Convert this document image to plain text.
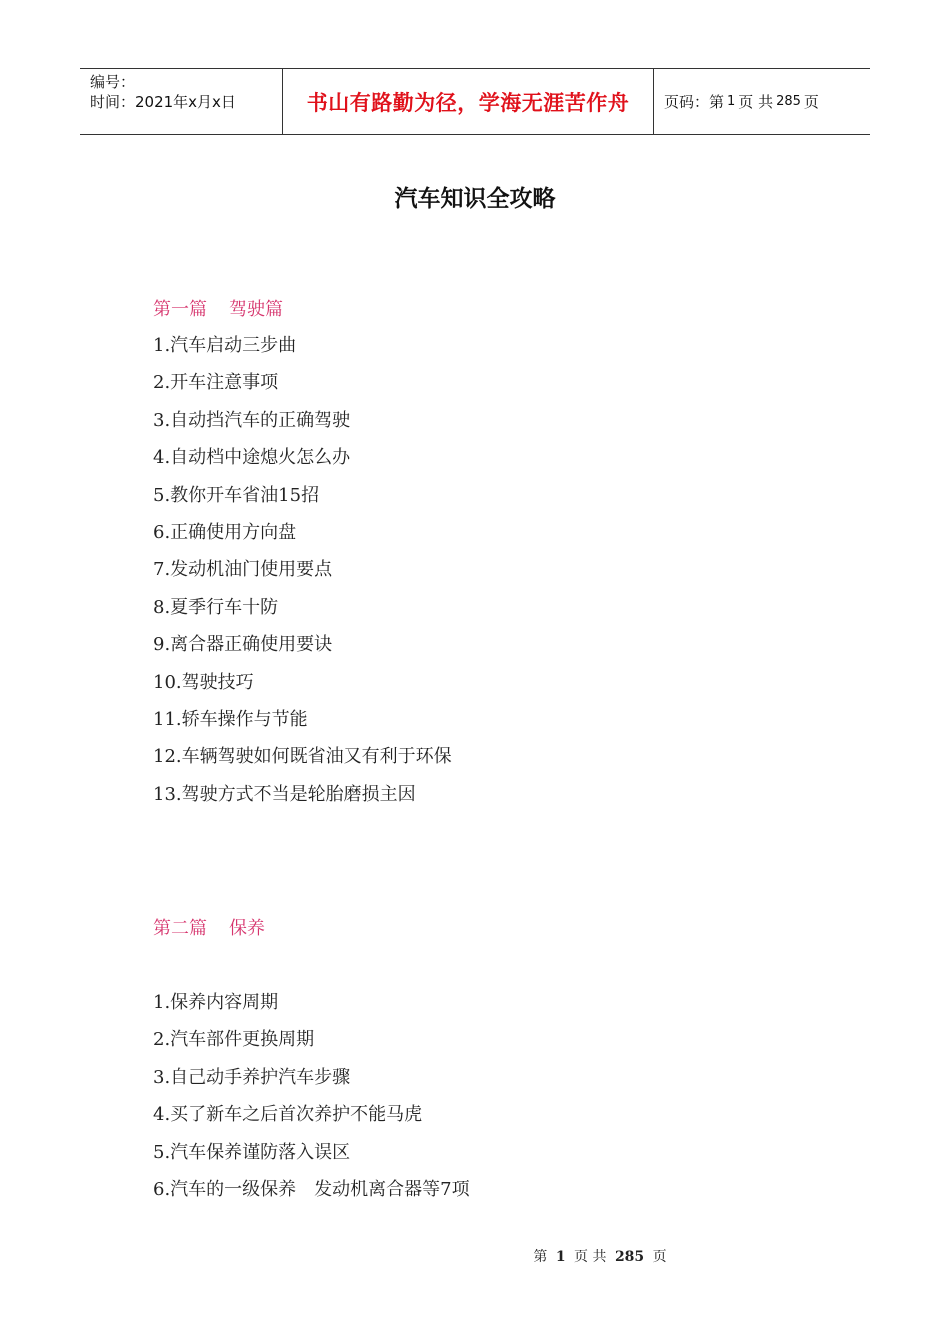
编号：
时间：2021年x月x日	书山有路勤为径，学海无涯苦作舟 页码：第 1 页 共 285 页
汽车知识全攻略
第一篇 驾驶篇
1.汽车启动三步曲
2.开车注意事项
3.自动挡汽车的正确驾驶
4.自动档中途熄火怎么办
5.教你开车省油15招
6.正确使用方向盘
7.发动机油门使用要点
8.夏季行车十防
9.离合器正确使用要诀
10.驾驶技巧
11.轿车操作与节能
12.车辆驾驶如何既省油又有利于环保
13.驾驶方式不当是轮胎磨损主因
第二篇 保养
1.保养内容周期
2.汽车部件更换周期
3.自己动手养护汽车步骤
4.买了新车之后首次养护不能马虎
5.汽车保养谨防落入误区
6.汽车的一级保养　发动机离合器等7项
第 1 页 共 285 页
